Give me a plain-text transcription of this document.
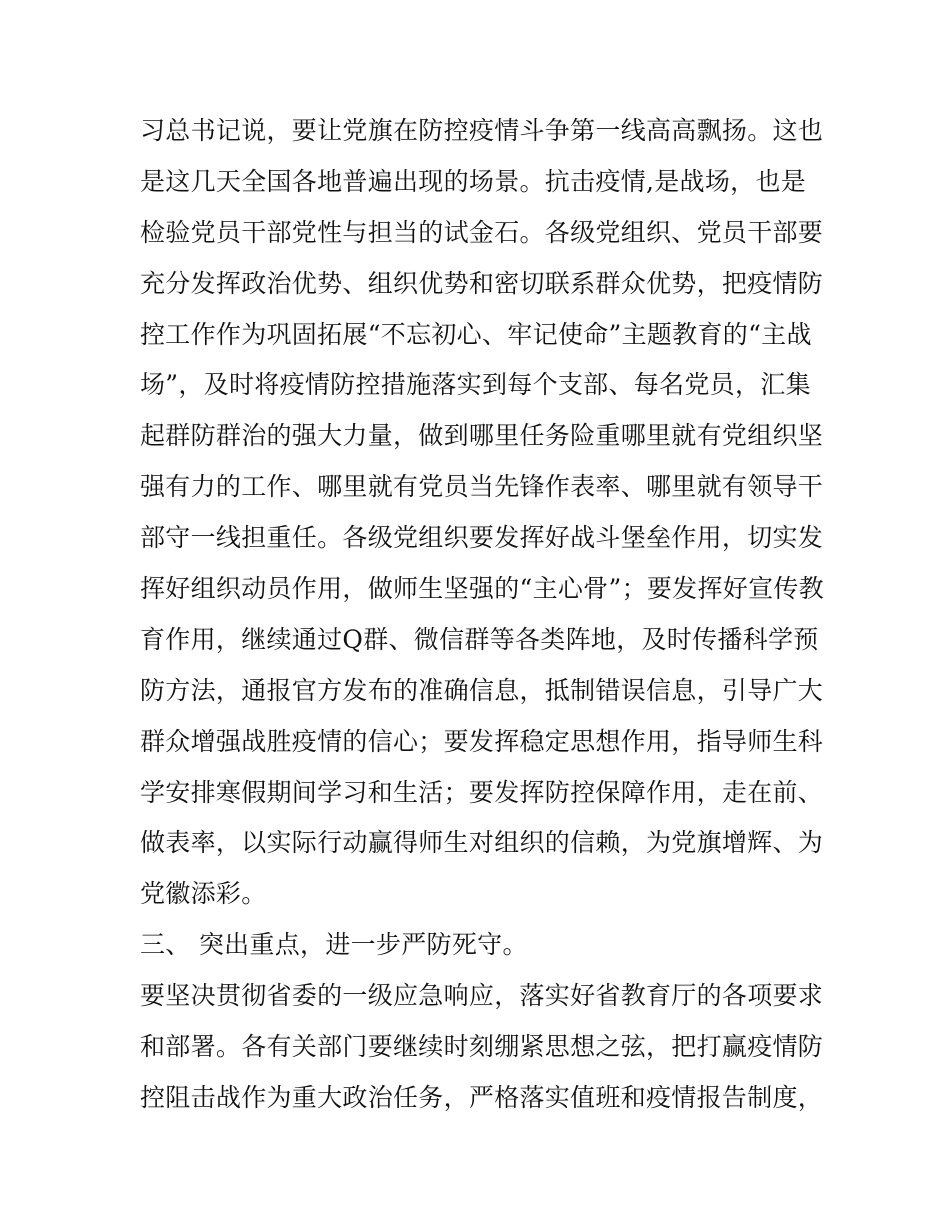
习总书记说，要让党旗在防控疫情斗争第一线高高飘扬。这也
是这几天全国各地普遍出现的场景。抗击疫情,是战场，也是
检验党员干部党性与担当的试金石。各级党组织、党员干部要
充分发挥政治优势、组织优势和密切联系群众优势，把疫情防
控工作作为巩固拓展“不忘初心、牢记使命”主题教育的“主战
场”，及时将疫情防控措施落实到每个支部、每名党员，汇集
起群防群治的强大力量，做到哪里任务险重哪里就有党组织坚
强有力的工作、哪里就有党员当先锋作表率、哪里就有领导干
部守一线担重任。各级党组织要发挥好战斗堡垒作用，切实发
挥好组织动员作用，做师生坚强的“主心骨”；要发挥好宣传教
育作用，继续通过Q群、微信群等各类阵地，及时传播科学预
防方法，通报官方发布的准确信息，抵制错误信息，引导广大
群众增强战胜疫情的信心；要发挥稳定思想作用，指导师生科
学安排寒假期间学习和生活；要发挥防控保障作用，走在前、
做表率，以实际行动赢得师生对组织的信赖，为党旗增辉、为
党徽添彩。
三、 突出重点，进一步严防死守。
要坚决贯彻省委的一级应急响应，落实好省教育厅的各项要求
和部署。各有关部门要继续时刻绷紧思想之弦，把打赢疫情防
控阻击战作为重大政治任务，严格落实值班和疫情报告制度，
